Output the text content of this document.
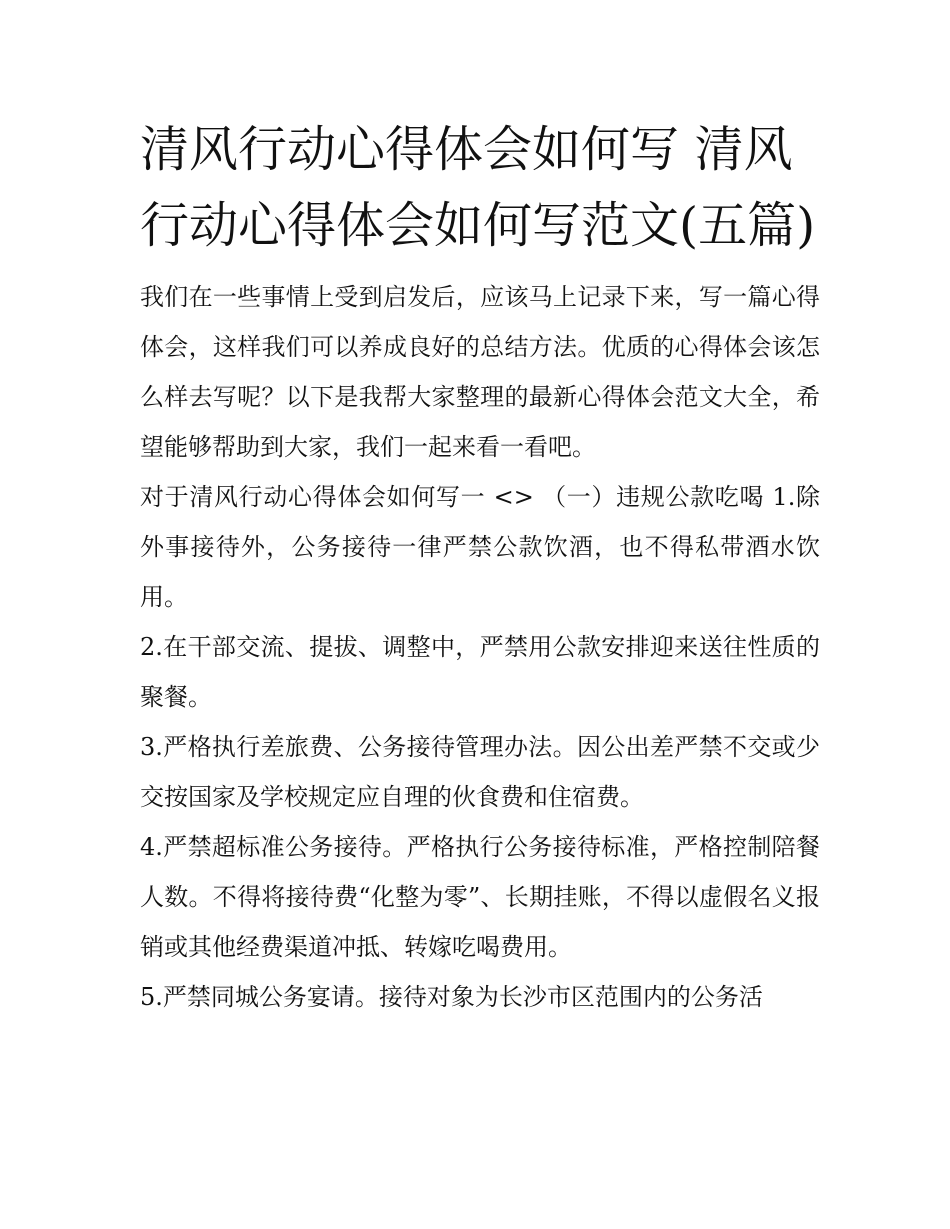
清风行动心得体会如何写 清风行动心得体会如何写范文(五篇)

我们在一些事情上受到启发后，应该马上记录下来，写一篇心得体会，这样我们可以养成良好的总结方法。优质的心得体会该怎么样去写呢？以下是我帮大家整理的最新心得体会范文大全，希望能够帮助到大家，我们一起来看一看吧。

对于清风行动心得体会如何写一 <> （一）违规公款吃喝 1.除外事接待外，公务接待一律严禁公款饮酒，也不得私带酒水饮用。

2.在干部交流、提拔、调整中，严禁用公款安排迎来送往性质的聚餐。

3.严格执行差旅费、公务接待管理办法。因公出差严禁不交或少交按国家及学校规定应自理的伙食费和住宿费。

4.严禁超标准公务接待。严格执行公务接待标准，严格控制陪餐人数。不得将接待费“化整为零”、长期挂账，不得以虚假名义报销或其他经费渠道冲抵、转嫁吃喝费用。

5.严禁同城公务宴请。接待对象为长沙市区范围内的公务活
